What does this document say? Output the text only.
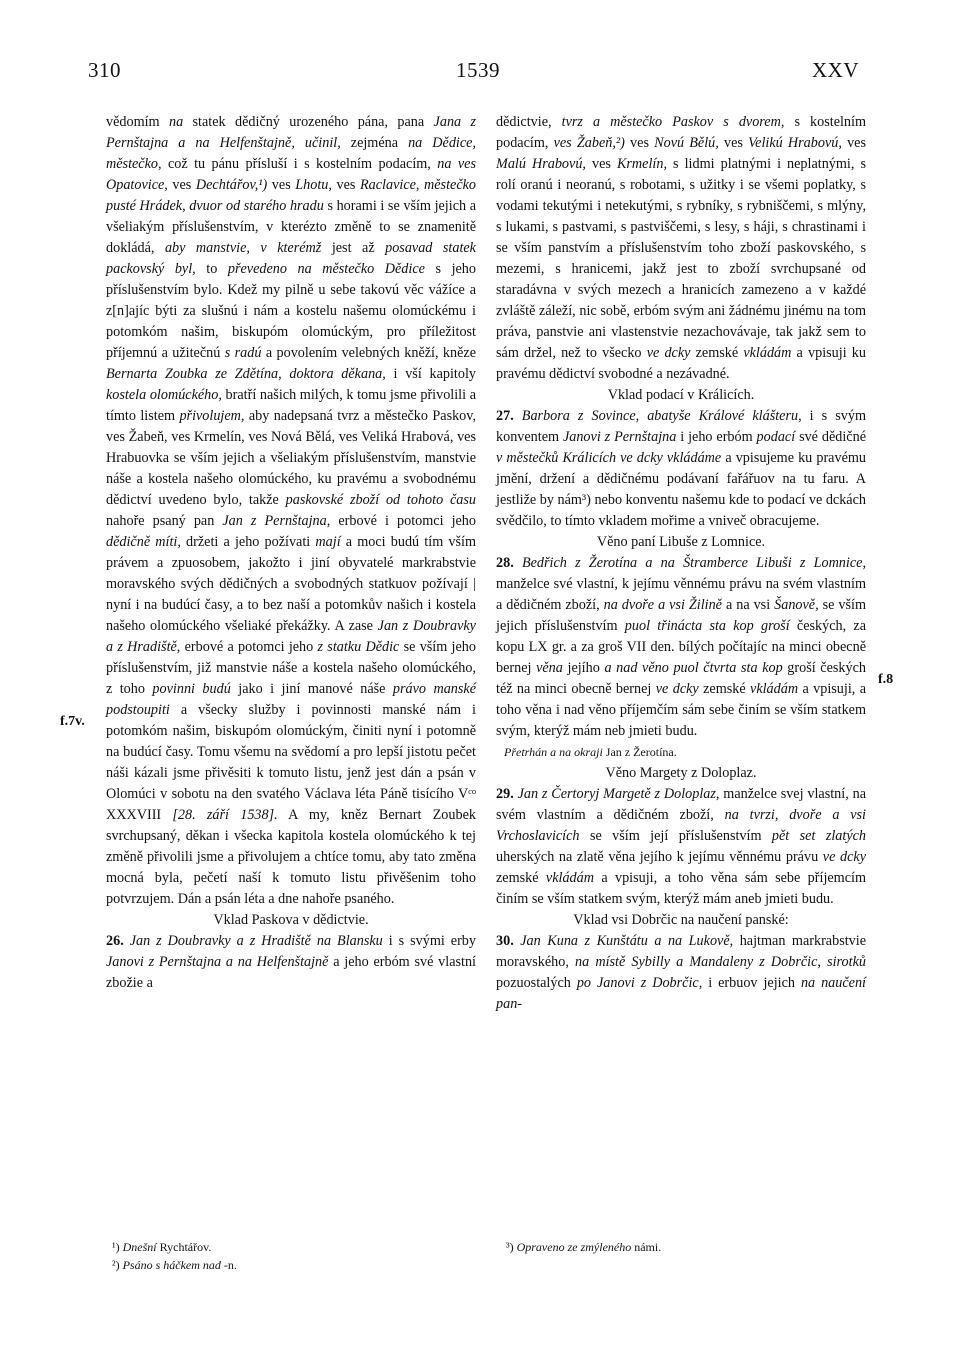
310	1539	XXV

vědomím na statek dědičný urozeného pána, pana Jana z Pernštajna a na Helfenštajně, učinil, zejména na Dědice, městečko, což tu pánu přísluší i s kostelním podacím, na ves Opatovice, ves Dechtářov,¹) ves Lhotu, ves Raclavice, městečko pusté Hrádek, dvuor od starého hradu s horami i se vším jejich a všeliakým příslušenstvím, v kterézto změně to se znamenitě dokládá, aby manstvie, v kterémž jest až posavad statek packovský byl, to převedeno na městečko Dědice s jeho příslušenstvím bylo. Kdež my pilně u sebe takovú věc vážíce a z[n]ajíc býti za slušnú i nám a kostelu našemu olomúckému i potomkóm našim, biskupóm olomúckým, pro příležitost příjemnú a užitečnú s radú a povolením velebných kněží, kněze Bernarta Zoubka ze Zdětína, doktora děkana, i vší kapitoly kostela olomúckého, bratří našich milých, k tomu jsme přivolili a tímto listem přivolujem, aby nadepsaná tvrz a městečko Paskov, ves Žabeň, ves Krmelín, ves Nová Bělá, ves Veliká Hrabová, ves Hrabuovka se vším jejich a všeliakým příslušenstvím, manstvie náše a kostela našeho olomúckého, ku pravému a svobodnému dědictví uvedeno bylo, takže paskovské zboží od tohoto času nahoře psaný pan Jan z Pernštajna, erbové i potomci jeho dědičně míti, držeti a jeho požívati mají a moci budú tím vším právem a zpuosobem, jakožto i jiní obyvatelé markrabstvie moravského svých dědičných a svobodných statkuov požívají | nyní i na budúcí časy, a to bez naší a potomkův našich i kostela našeho olomúckého všeliaké překážky. A zase Jan z Doubravky a z Hradiště, erbové a potomci jeho z statku Dědic se vším jeho příslušenstvím, již manstvie náše a kostela našeho olomúckého, z toho povinni budú jako i jiní manové náše právo manské podstoupiti a všecky služby i povinnosti manské nám i potomkóm našim, biskupóm olomúckým, činiti nyní i potomně na budúcí časy. Tomu všemu na svědomí a pro lepší jistotu pečet náši kázali jsme přivěsiti k tomuto listu, jenž jest dán a psán v Olomúci v sobotu na den svatého Václava léta Páně tisícího Vᶜᵒ XXXVIII [28. září 1538]. A my, kněz Bernart Zoubek svrchupsaný, děkan i všecka kapitola kostela olomúckého k tej změně přivolili jsme a přivolujem a chtíce tomu, aby tato změna mocná byla, pečetí naší k tomuto listu přivěšenim toho potvrzujem. Dán a psán léta a dne nahoře psaného.

Vklad Paskova v dědictvie.

26. Jan z Doubravky a z Hradiště na Blansku i s svými erby Janovi z Pernštajna a na Helfenštajně a jeho erbóm své vlastní zbožie a

dědictvie, tvrz a městečko Paskov s dvorem, s kostelním podacím, ves Žabeň,²) ves Novú Bělú, ves Velikú Hrabovú, ves Malú Hrabovú, ves Krmelín, s lidmi platnými i neplatnými, s rolí oranú i neoranú, s robotami, s užitky i se všemi poplatky, s vodami tekutými i netekutými, s rybníky, s rybniščemi, s mlýny, s lukami, s pastvami, s pastviščemi, s lesy, s háji, s chrastinami i se vším panstvím a příslušenstvím toho zboží paskovského, s mezemi, s hranicemi, jakž jest to zboží svrchupsané od staradávna v svých mezech a hranicích zamezeno a v každé zvláště záleží, nic sobě, erbóm svým ani žádnému jinému na tom práva, panstvie ani vlastenstvie nezachovávaje, tak jakž sem to sám držel, než to všecko ve dcky zemské vkládám a vpisuji ku pravému dědictví svobodné a nezávadné.

Vklad podací v Králicích.

27. Barbora z Sovince, abatyše Králové klášteru, i s svým konventem Janovi z Pernštajna i jeho erbóm podací své dědičné v městečků Králicích ve dcky vkládáme a vpisujeme ku pravému jmění, držení a dědičnému podávaní fařářuov na tu faru. A jestliže by nám³) nebo konventu našemu kde to podací ve dckách svědčilo, to tímto vkladem mořime a vniveč obracujeme.

Věno paní Libuše z Lomnice.

28. Bedřich z Žerotína a na Štramberce Libuši z Lomnice, manželce své vlastní, k jejímu věnnému právu na svém vlastním a dědičném zboží, na dvoře a vsi Žilině a na vsi Šanově, se vším jejich příslušenstvím puol třinácta sta kop groší českých, za kopu LX gr. a za groš VII den. bílých počítajíc na minci obecně bernej věna jejího a nad věno puol čtvrta sta kop groší českých též na minci obecně bernej ve dcky zemské vkládám a vpisuji, a toho věna i nad věno příjemčím sám sebe činím se vším statkem svým, kterýž mám neb jmieti budu.

Přetrhán a na okraji Jan z Žerotína.

Věno Margety z Doloplaz.

29. Jan z Čertoryj Margetě z Doloplaz, manželce svej vlastní, na svém vlastním a dědičném zboží, na tvrzi, dvoře a vsi Vrchoslavicích se vším její příslušenstvím pět set zlatých uherských na zlatě věna jejího k jejímu věnnému právu ve dcky zemské vkládám a vpisuji, a toho věna sám sebe příjemcím činím se vším statkem svým, kterýž mám aneb jmieti budu.

Vklad vsi Dobrčic na naučení panské:

30. Jan Kuna z Kunštátu a na Lukově, hajtman markrabstvie moravského, na místě Sybilly a Mandaleny z Dobrčic, sirotků pozuostalých po Janovi z Dobrčic, i erbuov jejich na naučení pan-

f.7v.
f.8
¹) Dnešní Rychtářov.
²) Psáno s háčkem nad -n.
³) Opraveno ze zmýleného námi.
